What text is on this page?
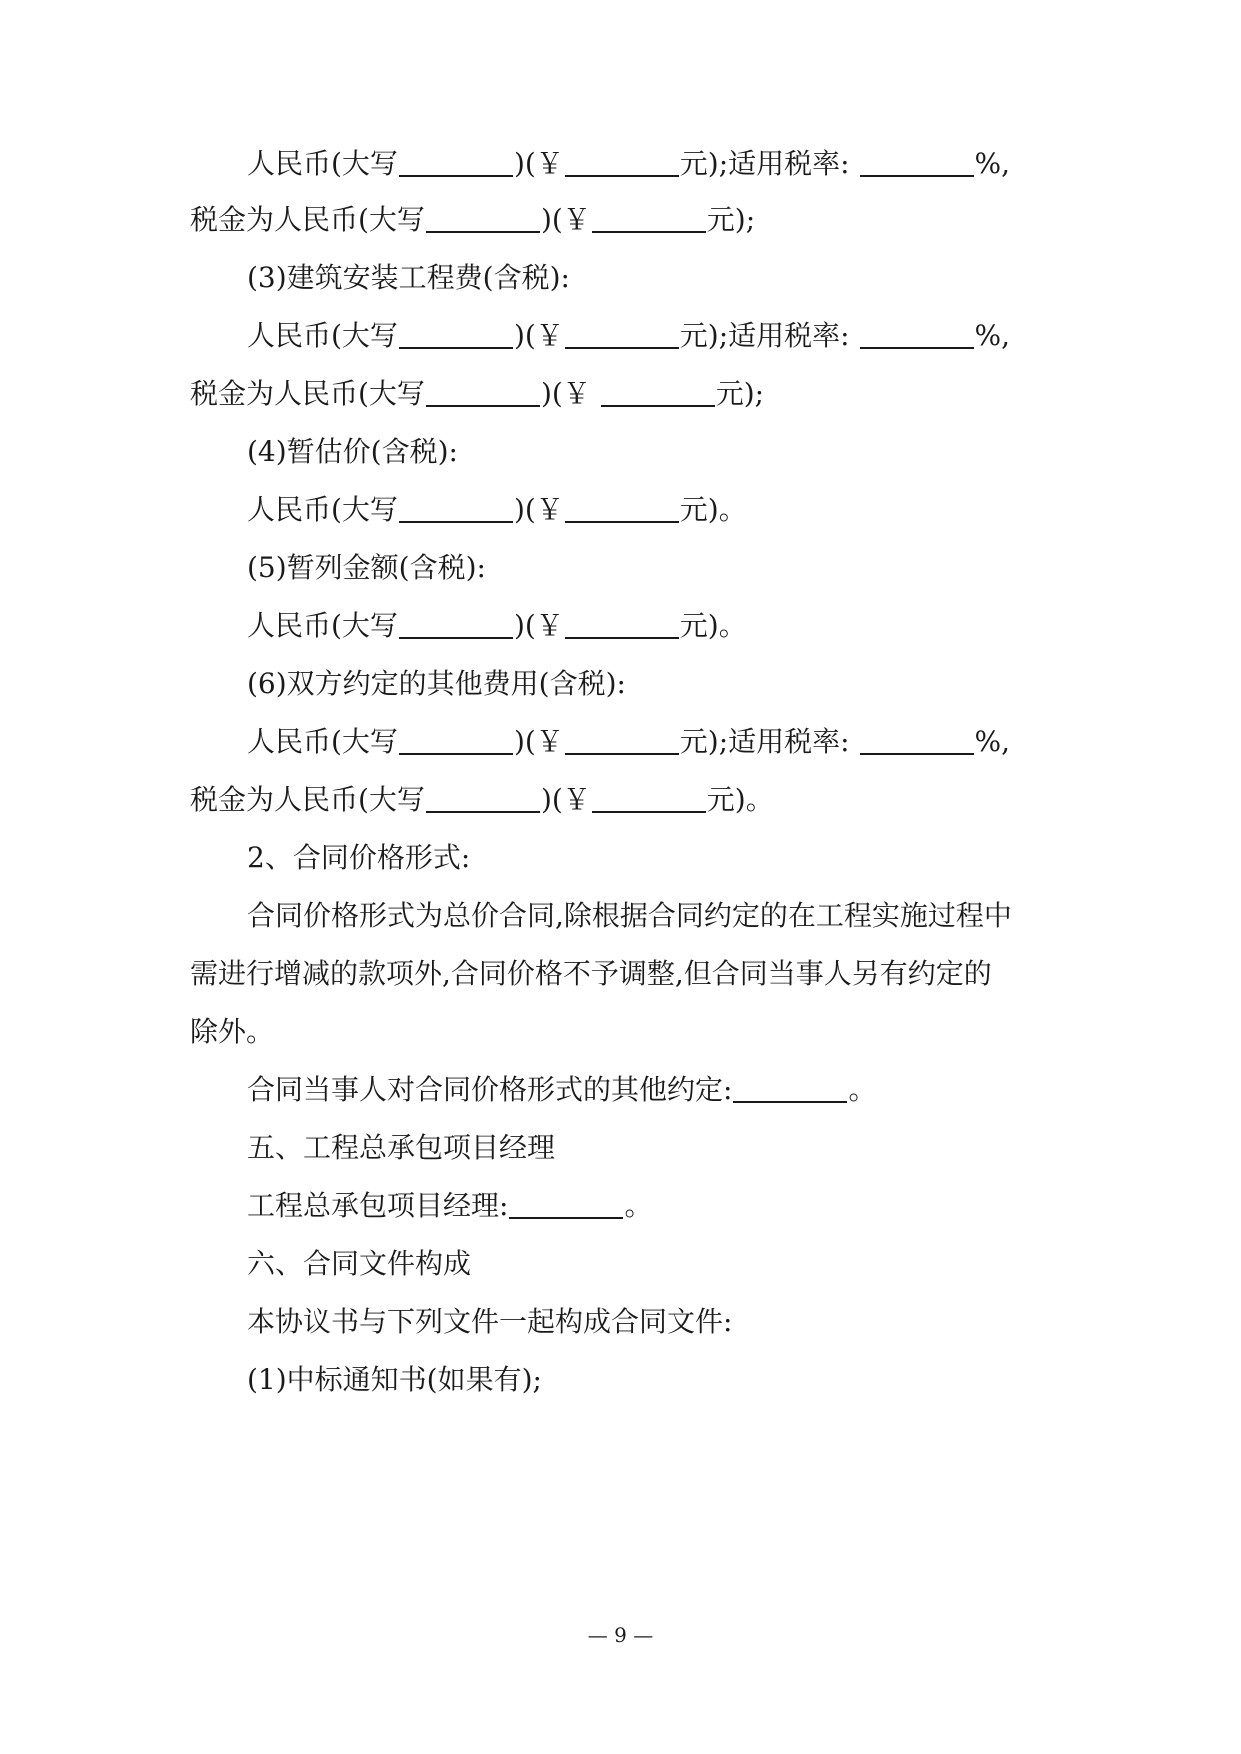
人民币(大写	)(￥	元);适用税率:	%,
税金为人民币(大写	)(￥	元);
(3)建筑安装工程费(含税):
人民币(大写	)(￥	元);适用税率:	%,
税金为人民币(大写	)(￥	元);
(4)暂估价(含税):
人民币(大写	)(￥	元)。
(5)暂列金额(含税):
人民币(大写	)(￥	元)。
(6)双方约定的其他费用(含税):
人民币(大写	)(￥	元);适用税率:	%,
税金为人民币(大写	)(￥	元)。
2、合同价格形式:
合同价格形式为总价合同,除根据合同约定的在工程实施过程中
需进行增减的款项外,合同价格不予调整,但合同当事人另有约定的
除外。
合同当事人对合同价格形式的其他约定:	。
五、工程总承包项目经理
工程总承包项目经理:	。
六、合同文件构成
本协议书与下列文件一起构成合同文件:
(1)中标通知书(如果有);
— 9 —
